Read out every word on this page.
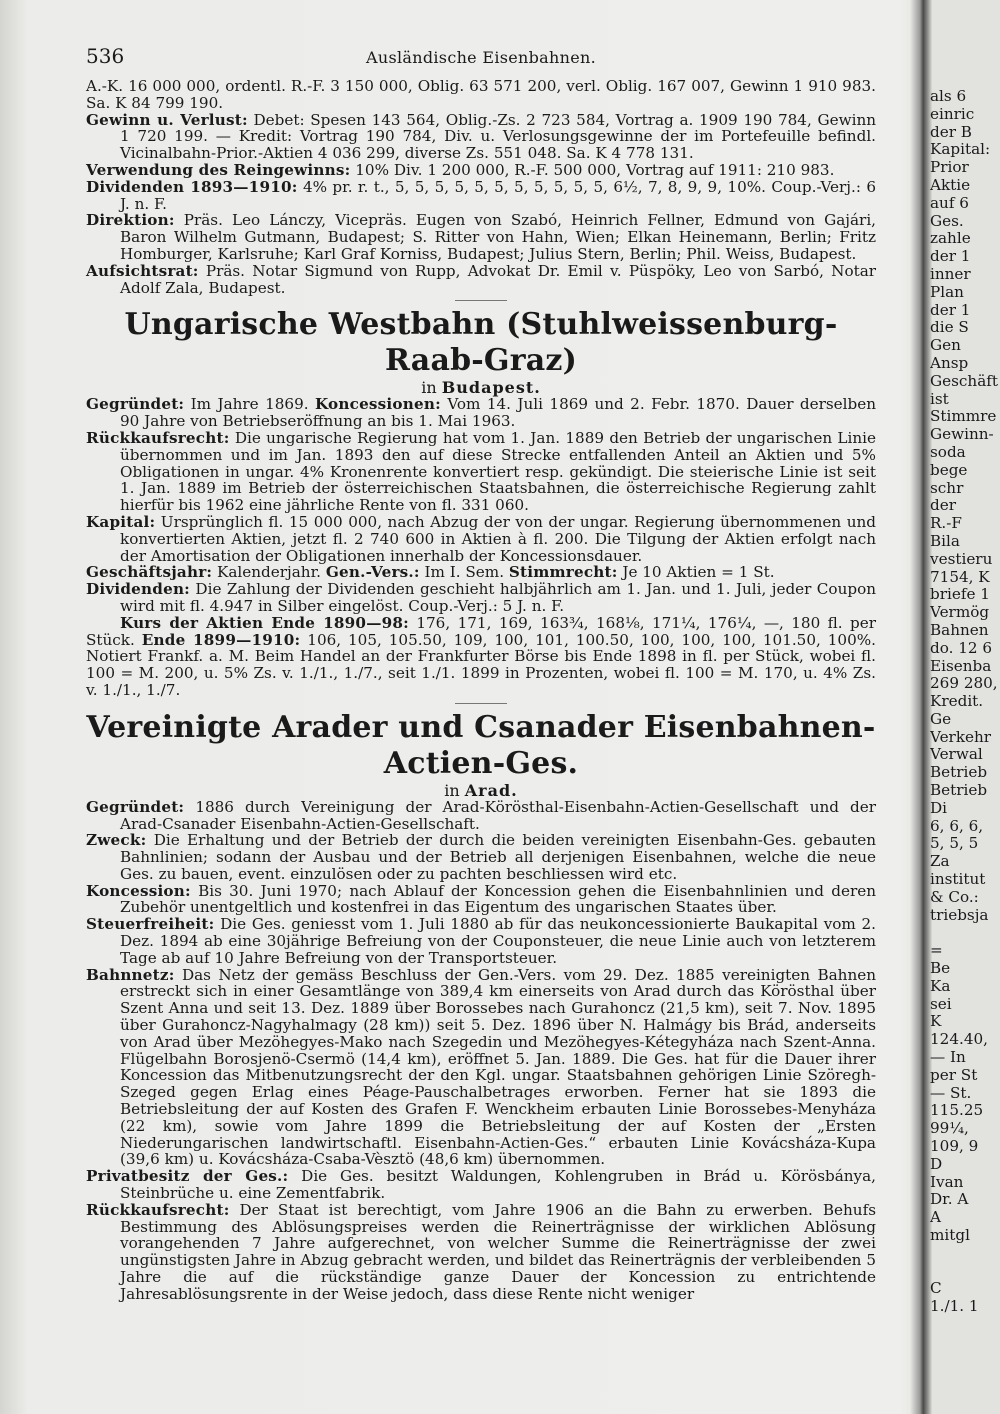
536	Ausländische Eisenbahnen.

A.-K. 16 000 000, ordentl. R.-F. 3 150 000, Oblig. 63 571 200, verl. Oblig. 167 007, Gewinn 1 910 983. Sa. K 84 799 190.

Gewinn u. Verlust: Debet: Spesen 143 564, Oblig.-Zs. 2 723 584, Vortrag a. 1909 190 784, Gewinn 1 720 199. — Kredit: Vortrag 190 784, Div. u. Verlosungsgewinne der im Portefeuille befindl. Vicinalbahn-Prior.-Aktien 4 036 299, diverse Zs. 551 048. Sa. K 4 778 131.

Verwendung des Reingewinns: 10% Div. 1 200 000, R.-F. 500 000, Vortrag auf 1911: 210 983.

Dividenden 1893—1910: 4% pr. r. t., 5, 5, 5, 5, 5, 5, 5, 5, 5, 5, 5, 6½, 7, 8, 9, 9, 10%. Coup.-Verj.: 6 J. n. F.

Direktion: Präs. Leo Lánczy, Vicepräs. Eugen von Szabó, Heinrich Fellner, Edmund von Gajári, Baron Wilhelm Gutmann, Budapest; S. Ritter von Hahn, Wien; Elkan Heinemann, Berlin; Fritz Homburger, Karlsruhe; Karl Graf Korniss, Budapest; Julius Stern, Berlin; Phil. Weiss, Budapest.

Aufsichtsrat: Präs. Notar Sigmund von Rupp, Advokat Dr. Emil v. Püspöky, Leo von Sarbó, Notar Adolf Zala, Budapest.

Ungarische Westbahn (Stuhlweissenburg-Raab-Graz)
in Budapest.

Gegründet: Im Jahre 1869. Koncessionen: Vom 14. Juli 1869 und 2. Febr. 1870. Dauer derselben 90 Jahre von Betriebseröffnung an bis 1. Mai 1963.

Rückkaufsrecht: Die ungarische Regierung hat vom 1. Jan. 1889 den Betrieb der ungarischen Linie übernommen und im Jan. 1893 den auf diese Strecke entfallenden Anteil an Aktien und 5% Obligationen in ungar. 4% Kronenrente konvertiert resp. gekündigt. Die steierische Linie ist seit 1. Jan. 1889 im Betrieb der österreichischen Staatsbahnen, die österreichische Regierung zahlt hierfür bis 1962 eine jährliche Rente von fl. 331 060.

Kapital: Ursprünglich fl. 15 000 000, nach Abzug der von der ungar. Regierung übernommenen und konvertierten Aktien, jetzt fl. 2 740 600 in Aktien à fl. 200. Die Tilgung der Aktien erfolgt nach der Amortisation der Obligationen innerhalb der Koncessionsdauer.

Geschäftsjahr: Kalenderjahr. Gen.-Vers.: Im I. Sem. Stimmrecht: Je 10 Aktien = 1 St.

Dividenden: Die Zahlung der Dividenden geschieht halbjährlich am 1. Jan. und 1. Juli, jeder Coupon wird mit fl. 4.947 in Silber eingelöst. Coup.-Verj.: 5 J. n. F.

Kurs der Aktien Ende 1890—98: 176, 171, 169, 163¾, 168⅛, 171¼, 176¼, —, 180 fl. per Stück. Ende 1899—1910: 106, 105, 105.50, 109, 100, 101, 100.50, 100, 100, 100, 101.50, 100%. Notiert Frankf. a. M. Beim Handel an der Frankfurter Börse bis Ende 1898 in fl. per Stück, wobei fl. 100 = M. 200, u. 5% Zs. v. 1./1., 1./7., seit 1./1. 1899 in Prozenten, wobei fl. 100 = M. 170, u. 4% Zs. v. 1./1., 1./7.

Vereinigte Arader und Csanader Eisenbahnen-Actien-Ges.
in Arad.

Gegründet: 1886 durch Vereinigung der Arad-Körösthal-Eisenbahn-Actien-Gesellschaft und der Arad-Csanader Eisenbahn-Actien-Gesellschaft.

Zweck: Die Erhaltung und der Betrieb der durch die beiden vereinigten Eisenbahn-Ges. gebauten Bahnlinien; sodann der Ausbau und der Betrieb all derjenigen Eisenbahnen, welche die neue Ges. zu bauen, event. einzulösen oder zu pachten beschliessen wird etc.

Koncession: Bis 30. Juni 1970; nach Ablauf der Koncession gehen die Eisenbahnlinien und deren Zubehör unentgeltlich und kostenfrei in das Eigentum des ungarischen Staates über.

Steuerfreiheit: Die Ges. geniesst vom 1. Juli 1880 ab für das neukoncessionierte Baukapital vom 2. Dez. 1894 ab eine 30jährige Befreiung von der Couponsteuer, die neue Linie auch von letzterem Tage ab auf 10 Jahre Befreiung von der Transportsteuer.

Bahnnetz: Das Netz der gemäss Beschluss der Gen.-Vers. vom 29. Dez. 1885 vereinigten Bahnen erstreckt sich in einer Gesamtlänge von 389,4 km einerseits von Arad durch das Körösthal über Szent Anna und seit 13. Dez. 1889 über Borossebes nach Gurahoncz (21,5 km), seit 7. Nov. 1895 über Gurahoncz-Nagyhalmagy (28 km)) seit 5. Dez. 1896 über N. Halmágy bis Brád, anderseits von Arad über Mezöhegyes-Mako nach Szegedin und Mezöhegyes-Kétegyháza nach Szent-Anna. Flügelbahn Borosjenö-Csermö (14,4 km), eröffnet 5. Jan. 1889. Die Ges. hat für die Dauer ihrer Koncession das Mitbenutzungsrecht der den Kgl. ungar. Staatsbahnen gehörigen Linie Szöregh-Szeged gegen Erlag eines Péage-Pauschalbetrages erworben. Ferner hat sie 1893 die Betriebsleitung der auf Kosten des Grafen F. Wenckheim erbauten Linie Borossebes-Menyháza (22 km), sowie vom Jahre 1899 die Betriebsleitung der auf Kosten der „Ersten Niederungarischen landwirtschaftl. Eisenbahn-Actien-Ges.“ erbauten Linie Kovácsháza-Kupa (39,6 km) u. Kovácsháza-Csaba-Vèsztö (48,6 km) übernommen.

Privatbesitz der Ges.: Die Ges. besitzt Waldungen, Kohlengruben in Brád u. Körösbánya, Steinbrüche u. eine Zementfabrik.

Rückkaufsrecht: Der Staat ist berechtigt, vom Jahre 1906 an die Bahn zu erwerben. Behufs Bestimmung des Ablösungspreises werden die Reinerträgnisse der wirklichen Ablösung vorangehenden 7 Jahre aufgerechnet, von welcher Summe die Reinerträgnisse der zwei ungünstigsten Jahre in Abzug gebracht werden, und bildet das Reinerträgnis der verbleibenden 5 Jahre die auf die rückständige ganze Dauer der Koncession zu entrichtende Jahresablösungsrente in der Weise jedoch, dass diese Rente nicht weniger

als 6
einric
der B
Kapital:
Prior
Aktie
auf 6
Ges.
zahle
der 1
inner
Plan
der 1
die S
Gen
Ansp
Geschäft
ist
Stimmre
Gewinn-
soda
bege
schr
der
R.-F
Bila
vestieru
7154, K
briefe 1
Vermög
Bahnen
do. 12 6
Eisenba
269 280,
Kredit.
Ge
Verkehr
Verwal
Betrieb
Betrieb
Di
6, 6, 6,
5, 5, 5
Za
institut
& Co.:
triebsja
=
Be
Ka
sei
K
124.40,
— In
per St
— St.
115.25
99¼,
109, 9
D
Ivan
Dr. A
A
mitgl
C
1./1. 1
